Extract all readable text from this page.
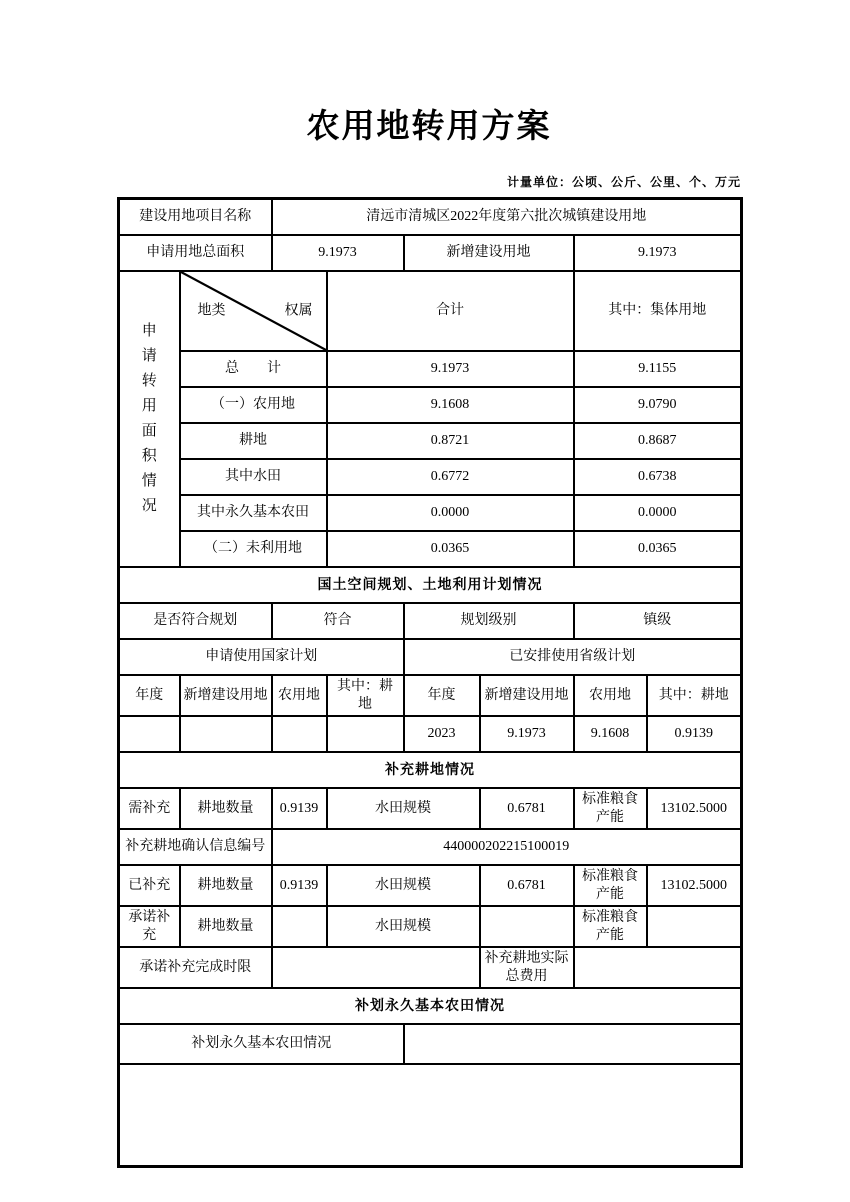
农用地转用方案
计量单位：公顷、公斤、公里、个、万元
建设用地项目名称		清远市清城区2022年度第六批次城镇建设用地					
申请用地总面积		9.1973		新增建设用地		9.1973	

申请转用面积情况	权属
地类		合计			其中：集体用地	
	总　　计		9.1973			9.1155	
	（一）农用地		9.1608			9.0790	
	耕地		0.8721			0.8687	
	其中水田		0.6772			0.6738	
	其中永久基本农田		0.0000			0.0000	
	（二）未利用地		0.0365			0.0365	
国土空间规划、土地利用计划情况							
是否符合规划		符合		规划级别		镇级	
申请使用国家计划				已安排使用省级计划			
年度	新增建设用地	农用地	其中：耕地	年度	新增建设用地	农用地	其中：耕地
				2023	9.1973	9.1608	0.9139
补充耕地情况							
需补充	耕地数量	0.9139	水田规模		0.6781	标准粮食产能	13102.5000
补充耕地确认信息编号		440000202215100019					
已补充	耕地数量	0.9139	水田规模		0.6781	标准粮食产能	13102.5000
承诺补充	耕地数量		水田规模			标准粮食产能	
承诺补充完成时限					补充耕地实际总费用		
补划永久基本农田情况							
补划永久基本农田情况							
